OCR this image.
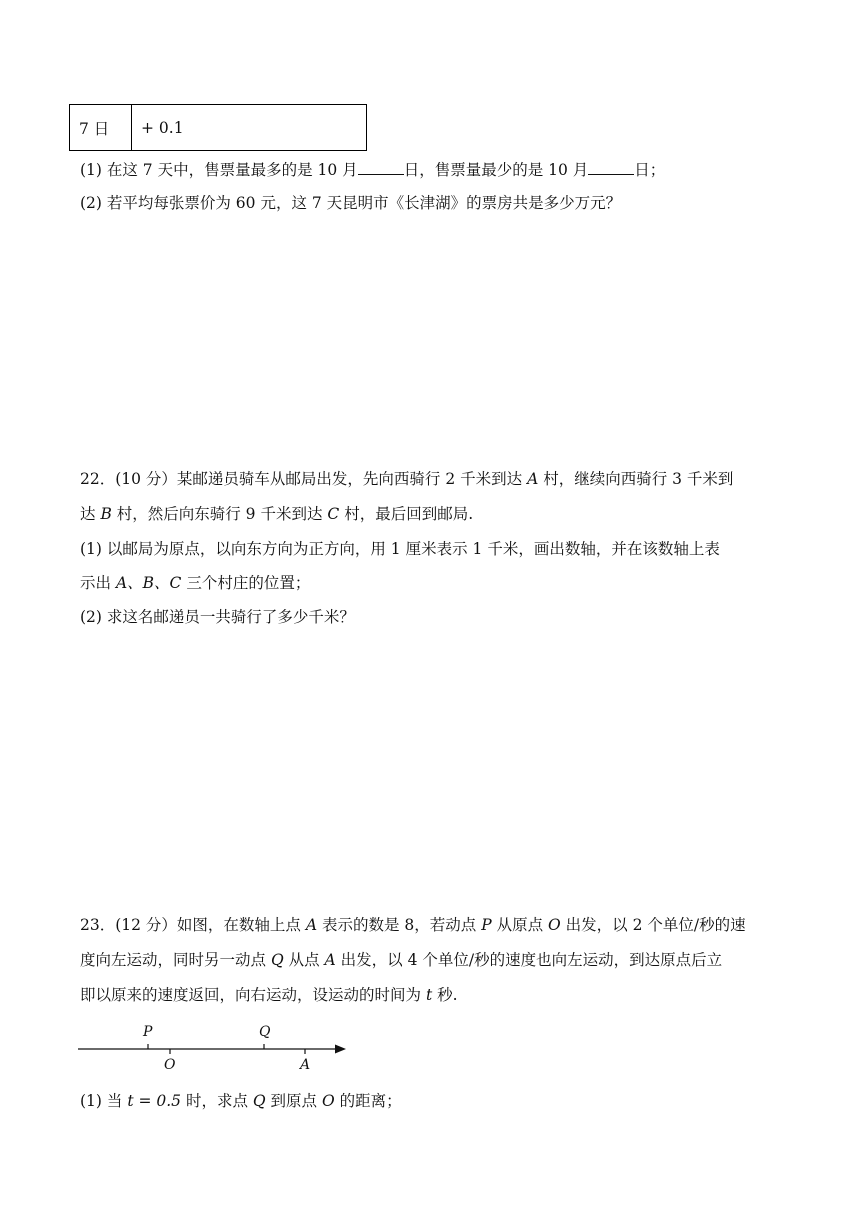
7 日	+ 0.1
(1) 在这 7 天中，售票量最多的是 10 月	日，售票量最少的是 10 月	日；
(2) 若平均每张票价为 60 元，这 7 天昆明市《长津湖》的票房共是多少万元？
22．(10 分）某邮递员骑车从邮局出发，先向西骑行 2 千米到达 A 村，继续向西骑行 3 千米到
达 B 村，然后向东骑行 9 千米到达 C 村，最后回到邮局.
(1) 以邮局为原点，以向东方向为正方向，用 1 厘米表示 1 千米，画出数轴，并在该数轴上表
示出 A、B、C 三个村庄的位置；
(2) 求这名邮递员一共骑行了多少千米？
23．(12 分）如图，在数轴上点 A 表示的数是 8，若动点 P 从原点 O 出发，以 2 个单位/秒的速
度向左运动，同时另一动点 Q 从点 A 出发，以 4 个单位/秒的速度也向左运动，到达原点后立
即以原来的速度返回，向右运动，设运动的时间为 t 秒.
P	Q
O	A
(1) 当 t = 0.5 时，求点 Q 到原点 O 的距离；
